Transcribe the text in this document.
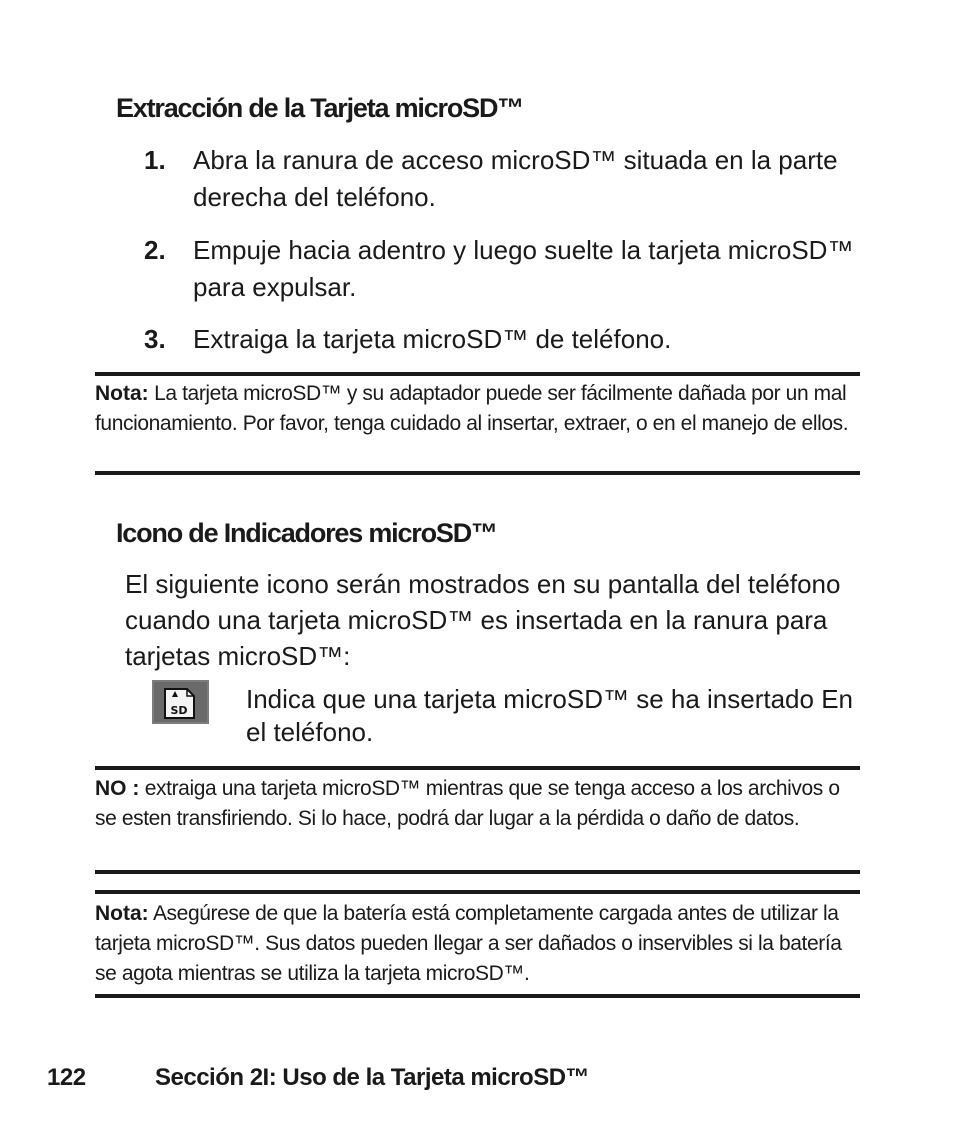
Extracción de la Tarjeta microSD™
1.	Abra la ranura de acceso microSD™ situada en la parte derecha del teléfono.
2.	Empuje hacia adentro y luego suelte la tarjeta microSD™ para expulsar.
3.	Extraiga la tarjeta microSD™ de teléfono.

Nota: La tarjeta microSD™ y su adaptador puede ser fácilmente dañada por un mal funcionamiento. Por favor, tenga cuidado al insertar, extraer, o en el manejo de ellos.

Icono de Indicadores microSD™

El siguiente icono serán mostrados en su pantalla del teléfono cuando una tarjeta microSD™ es insertada en la ranura para tarjetas microSD™:

SD Indica que una tarjeta microSD™ se ha insertado En el teléfono.

NO : extraiga una tarjeta microSD™ mientras que se tenga acceso a los archivos o se esten transfiriendo. Si lo hace, podrá dar lugar a la pérdida o daño de datos.

Nota: Asegúrese de que la batería está completamente cargada antes de utilizar la tarjeta microSD™. Sus datos pueden llegar a ser dañados o inservibles si la batería se agota mientras se utiliza la tarjeta microSD™.

122	Sección 2I: Uso de la Tarjeta microSD™
